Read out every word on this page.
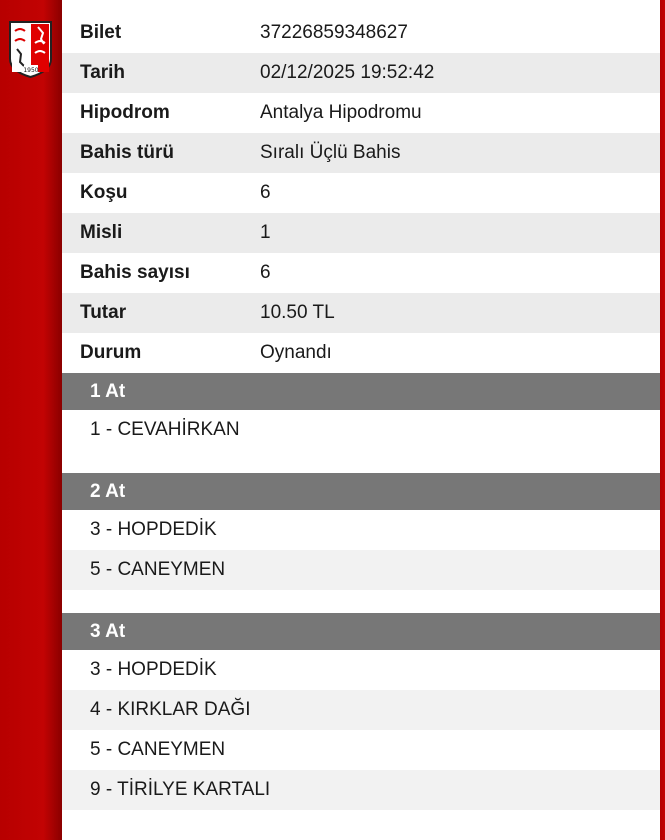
1950
Bilet	37226859348627
Tarih	02/12/2025 19:52:42
Hipodrom	Antalya Hipodromu
Bahis türü	Sıralı Üçlü Bahis
Koşu	6
Misli	1
Bahis sayısı	6
Tutar	10.50 TL
Durum	Oynandı
1 At
1 - CEVAHİRKAN
2 At
3 - HOPDEDİK
5 - CANEYMEN
3 At
3 - HOPDEDİK
4 - KIRKLAR DAĞI
5 - CANEYMEN
9 - TİRİLYE KARTALI
